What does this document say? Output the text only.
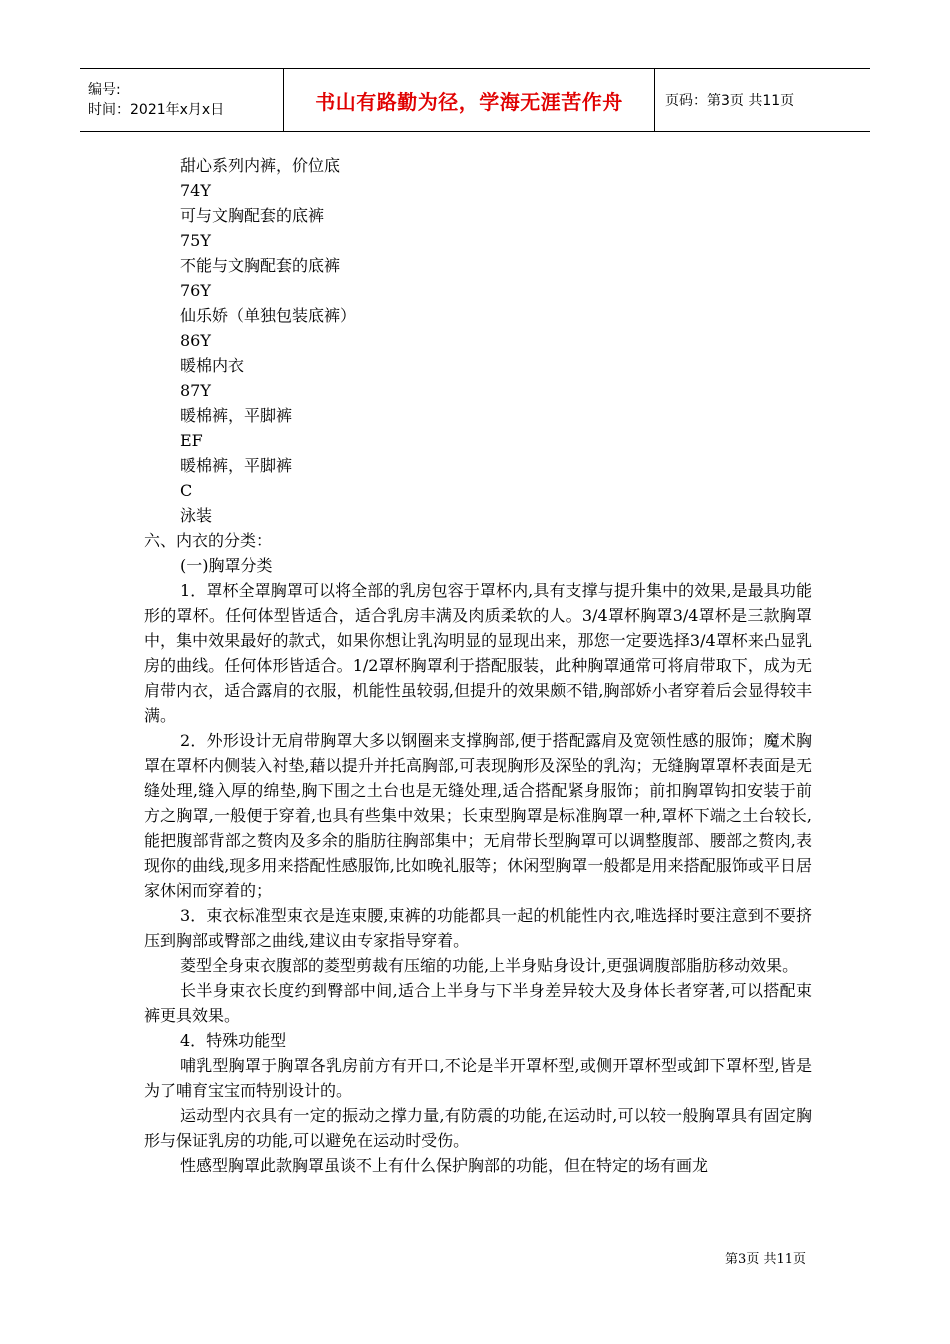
编号:
时间：2021年x月x日	书山有路勤为径，学海无涯苦作舟	页码：第3页 共11页
甜心系列内裤，价位底
74Y
可与文胸配套的底裤
75Y
不能与文胸配套的底裤
76Y
仙乐娇（单独包装底裤）
86Y
暖棉内衣
87Y
暖棉裤，平脚裤
EF
暖棉裤，平脚裤
C
泳装
六、内衣的分类：
(一)胸罩分类

1．罩杯全罩胸罩可以将全部的乳房包容于罩杯内,具有支撑与提升集中的效果,是最具功能形的罩杯。任何体型皆适合，适合乳房丰满及肉质柔软的人。3/4罩杯胸罩3/4罩杯是三款胸罩中，集中效果最好的款式，如果你想让乳沟明显的显现出来，那您一定要选择3/4罩杯来凸显乳房的曲线。任何体形皆适合。1/2罩杯胸罩利于搭配服装，此种胸罩通常可将肩带取下，成为无肩带内衣，适合露肩的衣服，机能性虽较弱,但提升的效果颇不错,胸部娇小者穿着后会显得较丰满。

2．外形设计无肩带胸罩大多以钢圈来支撑胸部,便于搭配露肩及宽领性感的服饰；魔术胸罩在罩杯内侧装入衬垫,藉以提升并托高胸部,可表现胸形及深坠的乳沟；无缝胸罩罩杯表面是无缝处理,缝入厚的绵垫,胸下围之土台也是无缝处理,适合搭配紧身服饰；前扣胸罩钩扣安装于前方之胸罩,一般便于穿着,也具有些集中效果；长束型胸罩是标准胸罩一种,罩杯下端之土台较长,能把腹部背部之赘肉及多余的脂肪往胸部集中；无肩带长型胸罩可以调整腹部、腰部之赘肉,表现你的曲线,现多用来搭配性感服饰,比如晚礼服等；休闲型胸罩一般都是用来搭配服饰或平日居家休闲而穿着的；

3．束衣标准型束衣是连束腰,束裤的功能都具一起的机能性内衣,唯选择时要注意到不要挤压到胸部或臀部之曲线,建议由专家指导穿着。

菱型全身束衣腹部的菱型剪裁有压缩的功能,上半身贴身设计,更强调腹部脂肪移动效果。

长半身束衣长度约到臀部中间,适合上半身与下半身差异较大及身体长者穿著,可以搭配束裤更具效果。

4．特殊功能型

哺乳型胸罩于胸罩各乳房前方有开口,不论是半开罩杯型,或侧开罩杯型或卸下罩杯型,皆是为了哺育宝宝而特别设计的。

运动型内衣具有一定的振动之撑力量,有防震的功能,在运动时,可以较一般胸罩具有固定胸形与保证乳房的功能,可以避免在运动时受伤。

性感型胸罩此款胸罩虽谈不上有什么保护胸部的功能，但在特定的场有画龙

第3页 共11页
